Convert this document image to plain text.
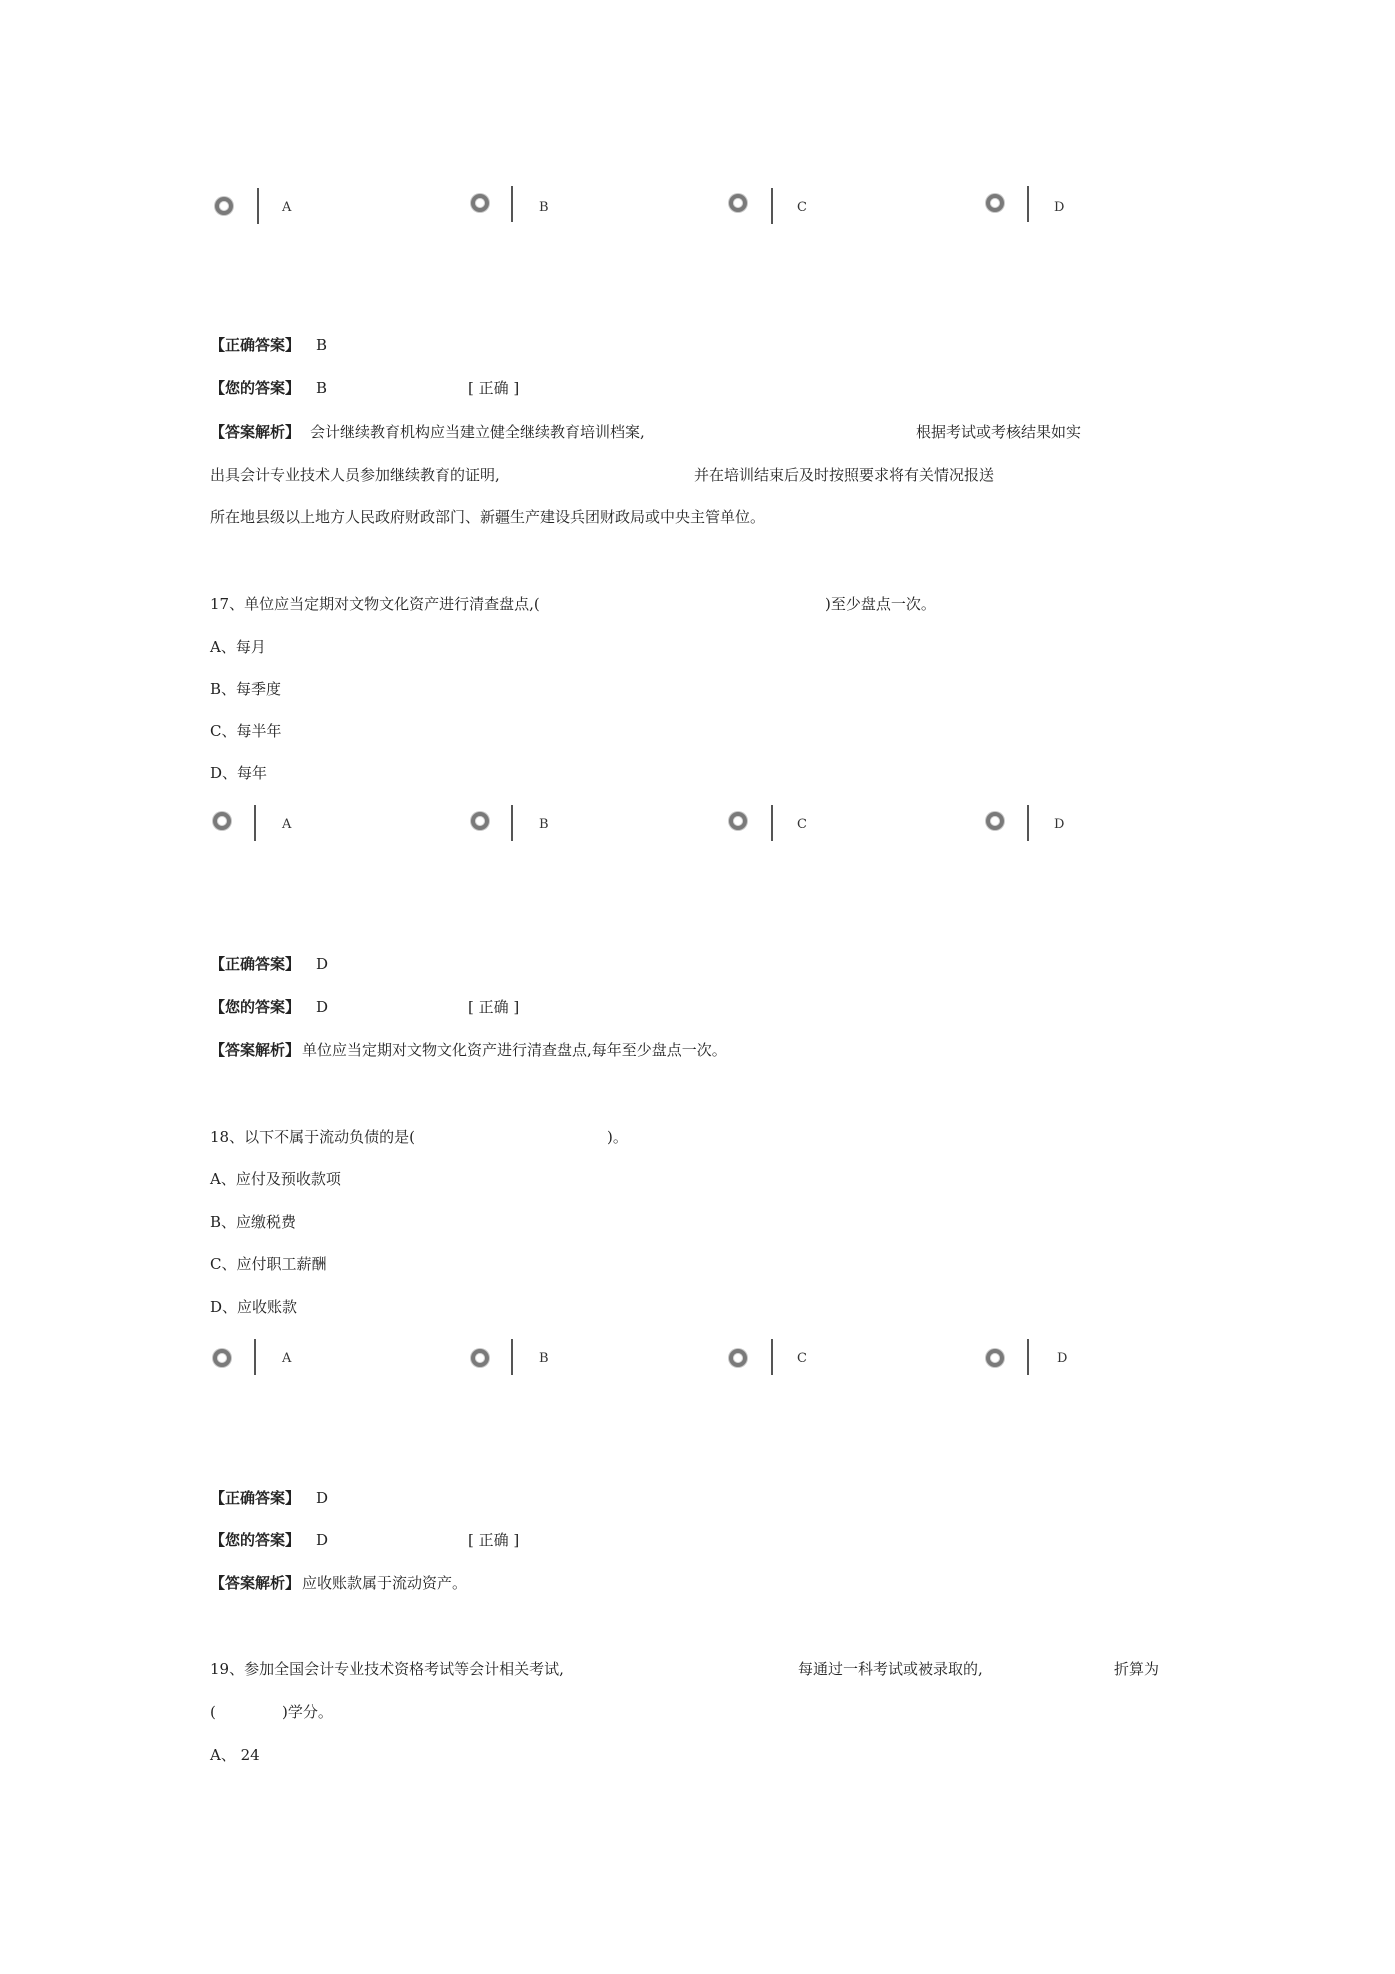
A	B	C	D
【正确答案】 B
【您的答案】 B	[ 正确 ]
【答案解析】 会计继续教育机构应当建立健全继续教育培训档案,	根据考试或考核结果如实
出具会计专业技术人员参加继续教育的证明,	并在培训结束后及时按照要求将有关情况报送
所在地县级以上地方人民政府财政部门、新疆生产建设兵团财政局或中央主管单位。
17、单位应当定期对文物文化资产进行清查盘点,(	)至少盘点一次。
A、每月
B、每季度
C、每半年
D、每年
A	B	C	D
【正确答案】 D
【您的答案】 D	[ 正确 ]
【答案解析】 单位应当定期对文物文化资产进行清查盘点,每年至少盘点一次。
18、以下不属于流动负债的是(	)。
A、应付及预收款项
B、应缴税费
C、应付职工薪酬
D、应收账款
A	B	C	D
【正确答案】 D
【您的答案】 D	[ 正确 ]
【答案解析】 应收账款属于流动资产。
19、参加全国会计专业技术资格考试等会计相关考试,	每通过一科考试或被录取的,	折算为
(	)学分。
A、 24
